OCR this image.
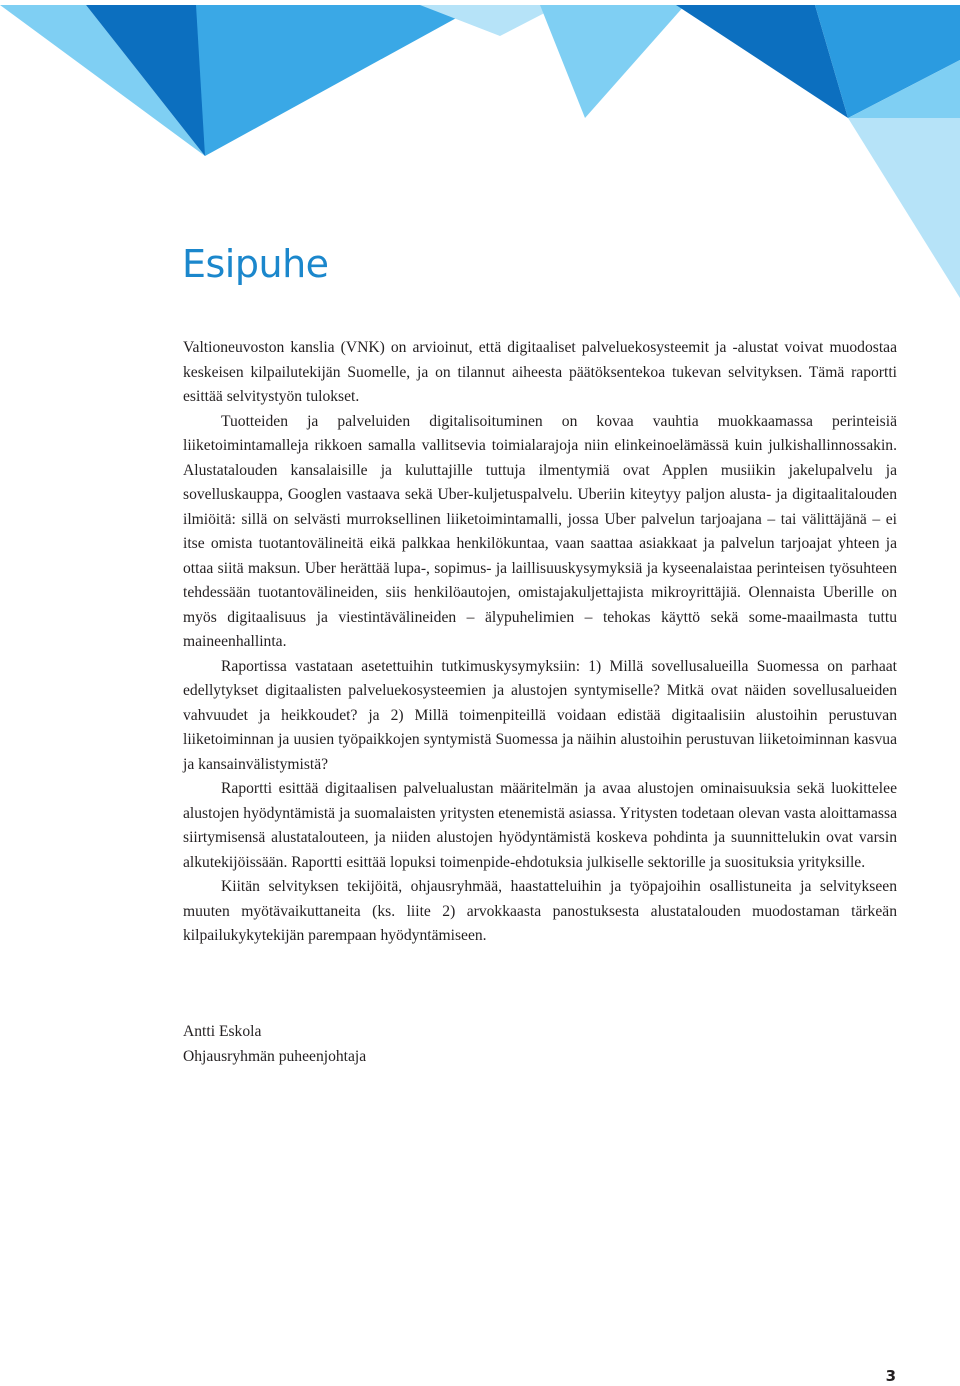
Esipuhe

Valtioneuvoston kanslia (VNK) on arvioinut, että digitaaliset palveluekosysteemit ja -alustat voivat muodostaa keskeisen kilpailutekijän Suomelle, ja on tilannut aiheesta päätöksentekoa tukevan selvityksen. Tämä raportti esittää selvitystyön tulokset.

Tuotteiden ja palveluiden digitalisoituminen on kovaa vauhtia muokkaamassa perinteisiä liiketoimintamalleja rikkoen samalla vallitsevia toimialarajoja niin elinkeinoelämässä kuin julkishallinnossakin. Alustatalouden kansalaisille ja kuluttajille tuttuja ilmentymiä ovat Applen musiikin jakelupalvelu ja sovelluskauppa, Googlen vastaava sekä Uber-kuljetuspalvelu. Uberiin kiteytyy paljon alusta- ja digitaalitalouden ilmiöitä: sillä on selvästi murroksellinen liiketoimintamalli, jossa Uber palvelun tarjoajana – tai välittäjänä – ei itse omista tuotantovälineitä eikä palkkaa henkilökuntaa, vaan saattaa asiakkaat ja palvelun tarjoajat yhteen ja ottaa siitä maksun. Uber herättää lupa-, sopimus- ja laillisuuskysymyksiä ja kyseenalaistaa perinteisen työsuhteen tehdessään tuotantovälineiden, siis henkilöautojen, omistajakuljettajista mikroyrittäjiä. Olennaista Uberille on myös digitaalisuus ja viestintävälineiden – älypuhelimien – tehokas käyttö sekä some-maailmasta tuttu maineenhallinta.

Raportissa vastataan asetettuihin tutkimuskysymyksiin: 1) Millä sovellusalueilla Suomessa on parhaat edellytykset digitaalisten palveluekosysteemien ja alustojen syntymiselle? Mitkä ovat näiden sovellusalueiden vahvuudet ja heikkoudet? ja 2) Millä toimenpiteillä voidaan edistää digitaalisiin alustoihin perustuvan liiketoiminnan ja uusien työpaikkojen syntymistä Suomessa ja näihin alustoihin perustuvan liiketoiminnan kasvua ja kansainvälistymistä?

Raportti esittää digitaalisen palvelualustan määritelmän ja avaa alustojen ominaisuuksia sekä luokittelee alustojen hyödyntämistä ja suomalaisten yritysten etenemistä asiassa. Yritysten todetaan olevan vasta aloittamassa siirtymisensä alustatalouteen, ja niiden alustojen hyödyntämistä koskeva pohdinta ja suunnittelukin ovat varsin alkutekijöissään. Raportti esittää lopuksi toimenpide-ehdotuksia julkiselle sektorille ja suosituksia yrityksille.

Kiitän selvityksen tekijöitä, ohjausryhmää, haastatteluihin ja työpajoihin osallistuneita ja selvitykseen muuten myötävaikuttaneita (ks. liite 2) arvokkaasta panostuksesta alustatalouden muodostaman tärkeän kilpailukykytekijän parempaan hyödyntämiseen.

Antti Eskola
Ohjausryhmän puheenjohtaja
3
